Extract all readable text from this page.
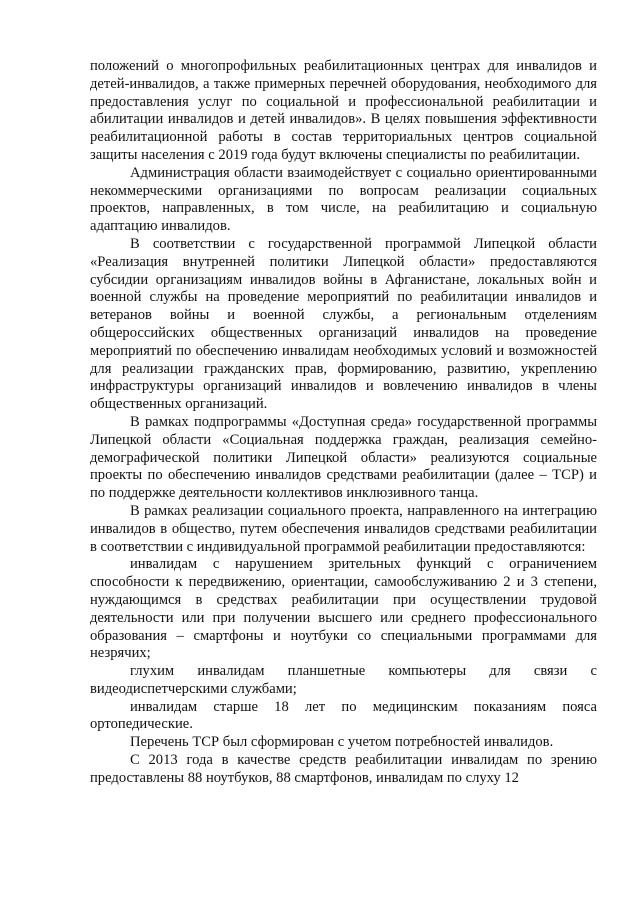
положений о многопрофильных реабилитационных центрах для инвалидов и детей-инвалидов, а также примерных перечней оборудования, необходимого для предоставления услуг по социальной и профессиональной реабилитации и абилитации инвалидов и детей инвалидов». В целях повышения эффективности реабилитационной работы в состав территориальных центров социальной защиты населения с 2019 года будут включены специалисты по реабилитации.

Администрация области взаимодействует с социально ориентированными некоммерческими организациями по вопросам реализации социальных проектов, направленных, в том числе, на реабилитацию и социальную адаптацию инвалидов.

В соответствии с государственной программой Липецкой области «Реализация внутренней политики Липецкой области» предоставляются субсидии организациям инвалидов войны в Афганистане, локальных войн и военной службы на проведение мероприятий по реабилитации инвалидов и ветеранов войны и военной службы, а региональным отделениям общероссийских общественных организаций инвалидов на проведение мероприятий по обеспечению инвалидам необходимых условий и возможностей для реализации гражданских прав, формированию, развитию, укреплению инфраструктуры организаций инвалидов и вовлечению инвалидов в члены общественных организаций.

В рамках подпрограммы «Доступная среда» государственной программы Липецкой области «Социальная поддержка граждан, реализация семейно-демографической политики Липецкой области» реализуются социальные проекты по обеспечению инвалидов средствами реабилитации (далее – ТСР) и по поддержке деятельности коллективов инклюзивного танца.

В рамках реализации социального проекта, направленного на интеграцию инвалидов в общество, путем обеспечения инвалидов средствами реабилитации в соответствии с индивидуальной программой реабилитации предоставляются:

инвалидам с нарушением зрительных функций с ограничением способности к передвижению, ориентации, самообслуживанию 2 и 3 степени, нуждающимся в средствах реабилитации при осуществлении трудовой деятельности или при получении высшего или среднего профессионального образования – смартфоны и ноутбуки со специальными программами для незрячих;

глухим инвалидам планшетные компьютеры для связи с видеодиспетчерскими службами;

инвалидам старше 18 лет по медицинским показаниям пояса ортопедические.

Перечень ТСР был сформирован с учетом потребностей инвалидов.

С 2013 года в качестве средств реабилитации инвалидам по зрению предоставлены 88 ноутбуков, 88 смартфонов, инвалидам по слуху 12
